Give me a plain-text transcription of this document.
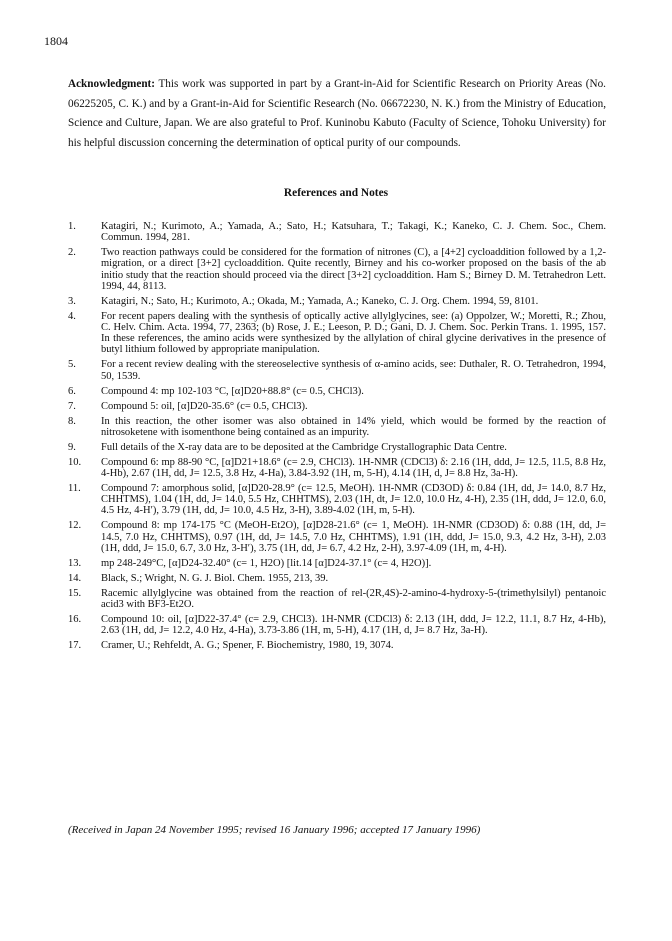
1804
Acknowledgment: This work was supported in part by a Grant-in-Aid for Scientific Research on Priority Areas (No. 06225205, C. K.) and by a Grant-in-Aid for Scientific Research (No. 06672230, N. K.) from the Ministry of Education, Science and Culture, Japan. We are also grateful to Prof. Kuninobu Kabuto (Faculty of Science, Tohoku University) for his helpful discussion concerning the determination of optical purity of our compounds.
References and Notes
1. Katagiri, N.; Kurimoto, A.; Yamada, A.; Sato, H.; Katsuhara, T.; Takagi, K.; Kaneko, C. J. Chem. Soc., Chem. Commun. 1994, 281.
2. Two reaction pathways could be considered for the formation of nitrones (C), a [4+2] cycloaddition followed by a 1,2-migration, or a direct [3+2] cycloaddition. Quite recently, Birney and his co-worker proposed on the basis of the ab initio study that the reaction should proceed via the direct [3+2] cycloaddition. Ham S.; Birney D. M. Tetrahedron Lett. 1994, 44, 8113.
3. Katagiri, N.; Sato, H.; Kurimoto, A.; Okada, M.; Yamada, A.; Kaneko, C. J. Org. Chem. 1994, 59, 8101.
4. For recent papers dealing with the synthesis of optically active allylglycines, see: (a) Oppolzer, W.; Moretti, R.; Zhou, C. Helv. Chim. Acta. 1994, 77, 2363; (b) Rose, J. E.; Leeson, P. D.; Gani, D. J. Chem. Soc. Perkin Trans. 1. 1995, 157. In these references, the amino acids were synthesized by the allylation of chiral glycine derivatives in the presence of butyl lithium followed by appropriate manipulation.
5. For a recent review dealing with the stereoselective synthesis of α-amino acids, see: Duthaler, R. O. Tetrahedron, 1994, 50, 1539.
6. Compound 4: mp 102-103 °C, [α]D20+88.8° (c= 0.5, CHCl3).
7. Compound 5: oil, [α]D20-35.6° (c= 0.5, CHCl3).
8. In this reaction, the other isomer was also obtained in 14% yield, which would be formed by the reaction of nitrosoketene with isomenthone being contained as an impurity.
9. Full details of the X-ray data are to be deposited at the Cambridge Crystallographic Data Centre.
10. Compound 6: mp 88-90 °C, [α]D21+18.6° (c= 2.9, CHCl3). 1H-NMR (CDCl3) δ: 2.16 (1H, ddd, J= 12.5, 11.5, 8.8 Hz, 4-Hb), 2.67 (1H, dd, J= 12.5, 3.8 Hz, 4-Ha), 3.84-3.92 (1H, m, 5-H), 4.14 (1H, d, J= 8.8 Hz, 3a-H).
11. Compound 7: amorphous solid, [α]D20-28.9° (c= 12.5, MeOH). 1H-NMR (CD3OD) δ: 0.84 (1H, dd, J= 14.0, 8.7 Hz, CHHTMS), 1.04 (1H, dd, J= 14.0, 5.5 Hz, CHHTMS), 2.03 (1H, dt, J= 12.0, 10.0 Hz, 4-H), 2.35 (1H, ddd, J= 12.0, 6.0, 4.5 Hz, 4-H′), 3.79 (1H, dd, J= 10.0, 4.5 Hz, 3-H), 3.89-4.02 (1H, m, 5-H).
12. Compound 8: mp 174-175 °C (MeOH-Et2O), [α]D28-21.6° (c= 1, MeOH). 1H-NMR (CD3OD) δ: 0.88 (1H, dd, J= 14.5, 7.0 Hz, CHHTMS), 0.97 (1H, dd, J= 14.5, 7.0 Hz, CHHTMS), 1.91 (1H, ddd, J= 15.0, 9.3, 4.2 Hz, 3-H), 2.03 (1H, ddd, J= 15.0, 6.7, 3.0 Hz, 3-H′), 3.75 (1H, dd, J= 6.7, 4.2 Hz, 2-H), 3.97-4.09 (1H, m, 4-H).
13. mp 248-249°C, [α]D24-32.40° (c= 1, H2O) [lit.14 [α]D24-37.1° (c= 4, H2O)].
14. Black, S.; Wright, N. G. J. Biol. Chem. 1955, 213, 39.
15. Racemic allylglycine was obtained from the reaction of rel-(2R,4S)-2-amino-4-hydroxy-5-(trimethylsilyl) pentanoic acid3 with BF3-Et2O.
16. Compound 10: oil, [α]D22-37.4° (c= 2.9, CHCl3). 1H-NMR (CDCl3) δ: 2.13 (1H, ddd, J= 12.2, 11.1, 8.7 Hz, 4-Hb), 2.63 (1H, dd, J= 12.2, 4.0 Hz, 4-Ha), 3.73-3.86 (1H, m, 5-H), 4.17 (1H, d, J= 8.7 Hz, 3a-H).
17. Cramer, U.; Rehfeldt, A. G.; Spener, F. Biochemistry, 1980, 19, 3074.
(Received in Japan 24 November 1995; revised 16 January 1996; accepted 17 January 1996)
